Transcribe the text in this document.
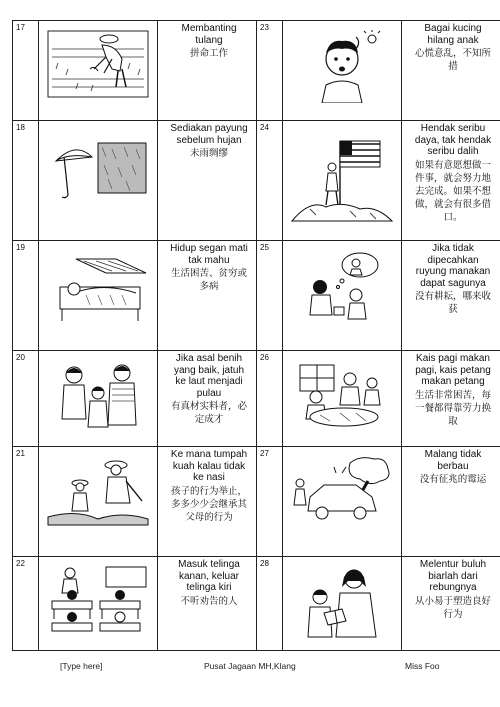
17		Membanting tulang
拼命工作	23		Bagai kucing hilang anak
心慌意乱，不知所措

18		Sediakan payung sebelum hujan
未雨绸缪	24		Hendak seribu daya, tak hendak seribu dalih
如果有意愿想做一件事，就会努力地去完成。如果不想做，就会有很多借口。

19		Hidup segan mati tak mahu
生活困苦、贫穷或多病	25		Jika tidak dipecahkan ruyung manakan dapat sagunya
没有耕耘，哪来收获

20		Jika asal benih yang baik, jatuh ke laut menjadi pulau
有真材实料者，必定成才	26		Kais pagi makan pagi, kais petang makan petang
生活非常困苦，每一餐都得靠劳力换取

21		Ke mana tumpah kuah kalau tidak ke nasi
孩子的行为举止，多多少少会继承其父母的行为	27		Malang tidak berbau
没有征兆的霉运

22		Masuk telinga kanan, keluar telinga kiri
不听劝告的人	28		Melentur buluh biarlah dari rebungnya
从小易于塑造良好行为
[Type here]	Pusat Jagaan MH,Klang	Miss Foo
